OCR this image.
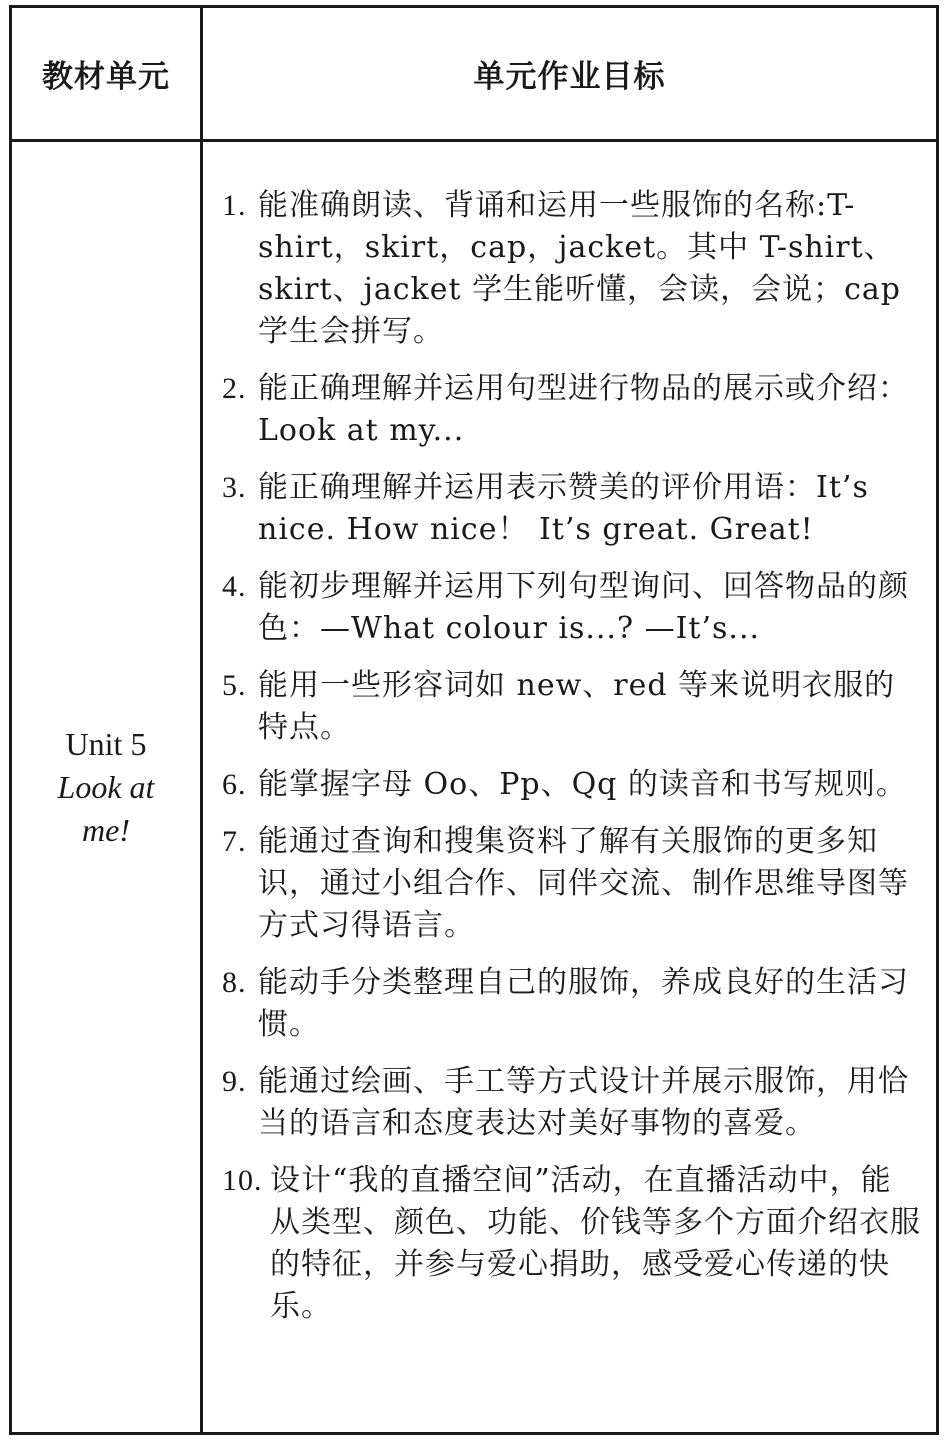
教材单元	单元作业目标
Unit 5
Look at me!
1. 能准确朗读、背诵和运用一些服饰的名称:T-shirt，skirt，cap，jacket。其中 T-shirt、skirt、jacket 学生能听懂，会读，会说；cap 学生会拼写。
2. 能正确理解并运用句型进行物品的展示或介绍：Look at my...
3. 能正确理解并运用表示赞美的评价用语：It’s nice. How nice！ It’s great. Great!
4. 能初步理解并运用下列句型询问、回答物品的颜色：—What colour is...? —It’s...
5. 能用一些形容词如 new、red 等来说明衣服的特点。
6. 能掌握字母 Oo、Pp、Qq 的读音和书写规则。
7. 能通过查询和搜集资料了解有关服饰的更多知识，通过小组合作、同伴交流、制作思维导图等方式习得语言。
8. 能动手分类整理自己的服饰，养成良好的生活习惯。
9. 能通过绘画、手工等方式设计并展示服饰，用恰当的语言和态度表达对美好事物的喜爱。
10. 设计“我的直播空间”活动，在直播活动中，能从类型、颜色、功能、价钱等多个方面介绍衣服的特征，并参与爱心捐助，感受爱心传递的快乐。
